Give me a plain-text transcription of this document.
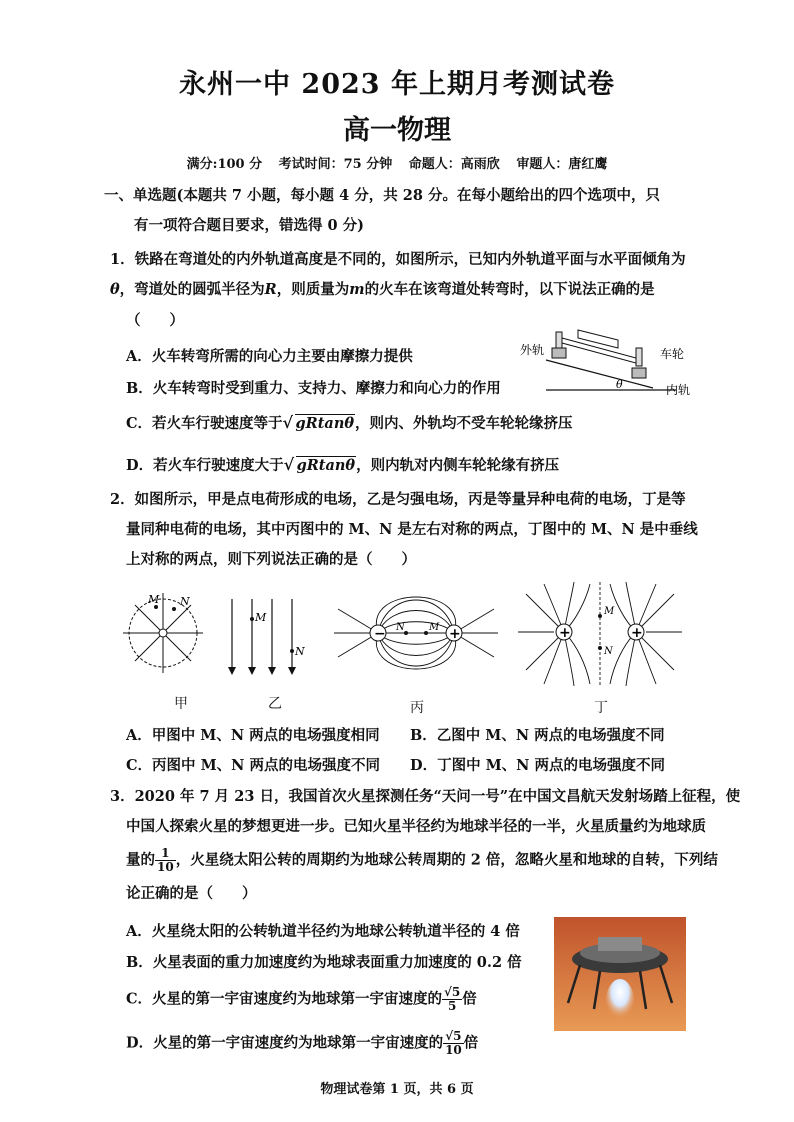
永州一中 2023 年上期月考测试卷
高一物理
满分:100 分 考试时间：75 分钟 命题人：高雨欣 审题人：唐红鹰
一、单选题(本题共 7 小题，每小题 4 分，共 28 分。在每小题给出的四个选项中，只
有一项符合题目要求，错选得 0 分)
1．铁路在弯道处的内外轨道高度是不同的，如图所示，已知内外轨道平面与水平面倾角为
θ，弯道处的圆弧半径为R，则质量为m的火车在该弯道处转弯时，以下说法正确的是
（　　）
A．火车转弯所需的向心力主要由摩擦力提供
B．火车转弯时受到重力、支持力、摩擦力和向心力的作用
C．若火车行驶速度等于 √ gRtanθ，则内、外轨均不受车轮轮缘挤压
D．若火车行驶速度大于 √ gRtanθ，则内轨对内侧车轮轮缘有挤压
外轨	车轮
内轨
θ
2．如图所示，甲是点电荷形成的电场，乙是匀强电场，丙是等量异种电荷的电场，丁是等
量同种电荷的电场，其中丙图中的 M、N 是左右对称的两点，丁图中的 M、N 是中垂线
上对称的两点，则下列说法正确的是（　　）
M N
甲
M
N
乙
−	+
N M
丙
+	+
M
N
丁
A．甲图中 M、N 两点的电场强度相同 B．乙图中 M、N 两点的电场强度不同
C．丙图中 M、N 两点的电场强度不同 D．丁图中 M、N 两点的电场强度不同
3．2020 年 7 月 23 日，我国首次火星探测任务“天问一号”在中国文昌航天发射场踏上征程，使
中国人探索火星的梦想更进一步。已知火星半径约为地球半径的一半，火星质量约为地球质
量的 $\frac{1}{10}$ ，火星绕太阳公转的周期约为地球公转周期的 2 倍，忽略火星和地球的自转，下列结
论正确的是（　　）
A．火星绕太阳的公转轨道半径约为地球公转轨道半径的 4 倍
B．火星表面的重力加速度约为地球表面重力加速度的 0.2 倍
C．火星的第一宇宙速度约为地球第一宇宙速度的 $\frac{√5}{5}$ 倍
D．火星的第一宇宙速度约为地球第一宇宙速度的 $\frac{√5}{10}$ 倍
物理试卷第 1 页，共 6 页
